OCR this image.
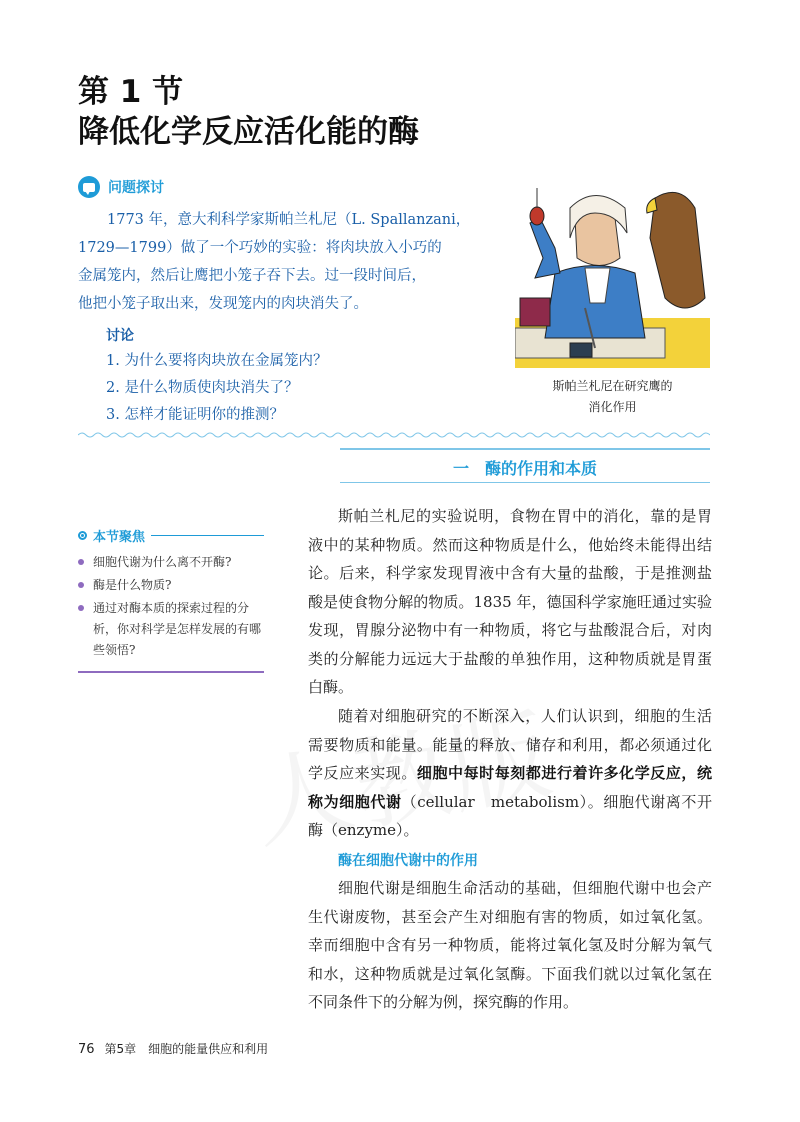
第 1 节
降低化学反应活化能的酶
问题探讨
1773 年，意大利科学家斯帕兰札尼（L. Spallanzani，
1729—1799）做了一个巧妙的实验：将肉块放入小巧的
金属笼内，然后让鹰把小笼子吞下去。过一段时间后，
他把小笼子取出来，发现笼内的肉块消失了。
讨论
1. 为什么要将肉块放在金属笼内？
2. 是什么物质使肉块消失了？
3. 怎样才能证明你的推测？
斯帕兰札尼在研究鹰的
消化作用
一　酶的作用和本质
本节聚焦
细胞代谢为什么离不开酶?
酶是什么物质?
通过对酶本质的探索过程的分析，你对科学是怎样发展的有哪些领悟?
斯帕兰札尼的实验说明，食物在胃中的消化，靠的是胃液中的某种物质。然而这种物质是什么，他始终未能得出结论。后来，科学家发现胃液中含有大量的盐酸，于是推测盐酸是使食物分解的物质。1835 年，德国科学家施旺通过实验发现，胃腺分泌物中有一种物质，将它与盐酸混合后，对肉类的分解能力远远大于盐酸的单独作用，这种物质就是胃蛋白酶。
随着对细胞研究的不断深入，人们认识到，细胞的生活需要物质和能量。能量的释放、储存和利用，都必须通过化学反应来实现。细胞中每时每刻都进行着许多化学反应，统称为细胞代谢（cellular　metabolism）。细胞代谢离不开酶（enzyme）。
酶在细胞代谢中的作用
细胞代谢是细胞生命活动的基础，但细胞代谢中也会产生代谢废物，甚至会产生对细胞有害的物质，如过氧化氢。幸而细胞中含有另一种物质，能将过氧化氢及时分解为氧气和水，这种物质就是过氧化氢酶。下面我们就以过氧化氢在不同条件下的分解为例，探究酶的作用。
76 第5章　细胞的能量供应和利用
